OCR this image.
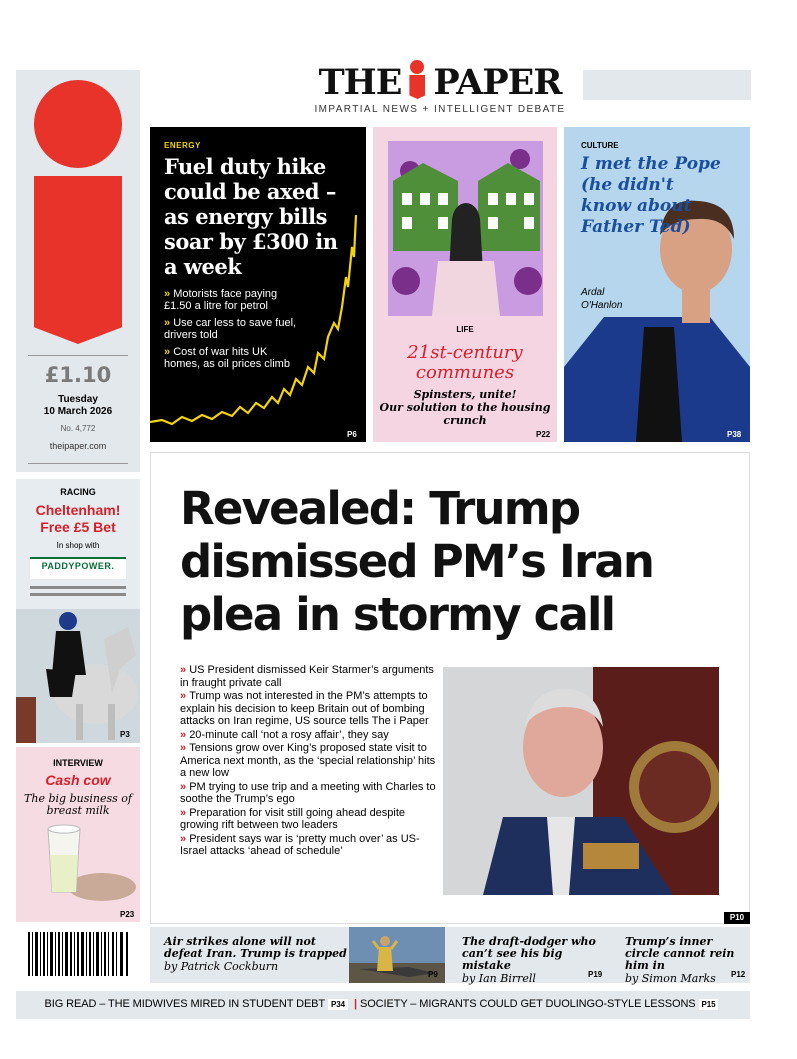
THE PAPER
IMPARTIAL NEWS + INTELLIGENT DEBATE
£1.10
Tuesday
10 March 2026
No. 4,772
theipaper.com
RACING
Cheltenham!
Free £5 Bet
In shop with
PADDYPOWER.
P3
INTERVIEW
Cash cow
The big business of breast milk
P23
ENERGY
Fuel duty hike could be axed – as energy bills soar by £300 in a week

» Motorists face paying £1.50 a litre for petrol

» Use car less to save fuel, drivers told

» Cost of war hits UK homes, as oil prices climb

P6
LIFE
21st-century communes
Spinsters, unite!
Our solution to the housing crunch
P22
CULTURE
I met the Pope (he didn't know about Father Ted)
Ardal O'Hanlon
P38
Revealed: Trump dismissed PM’s Iran plea in stormy call

» US President dismissed Keir Starmer’s arguments in fraught private call

» Trump was not interested in the PM’s attempts to explain his decision to keep Britain out of bombing attacks on Iran regime, US source tells The i Paper

» 20-minute call ‘not a rosy affair’, they say

» Tensions grow over King’s proposed state visit to America next month, as the ‘special relationship’ hits a new low

» PM trying to use trip and a meeting with Charles to soothe the Trump’s ego

» Preparation for visit still going ahead despite growing rift between two leaders

» President says war is ‘pretty much over’ as US-Israel attacks ‘ahead of schedule’

P10
Air strikes alone will not defeat Iran. Trump is trapped
by Patrick Cockburn
P9
The draft-dodger who can’t see his big mistake
by Ian Birrell	P19
Trump’s inner circle cannot rein him in
by Simon Marks	P12
BIG READ – THE MIDWIVES MIRED IN STUDENT DEBT P34 | SOCIETY – MIGRANTS COULD GET DUOLINGO-STYLE LESSONS P15
